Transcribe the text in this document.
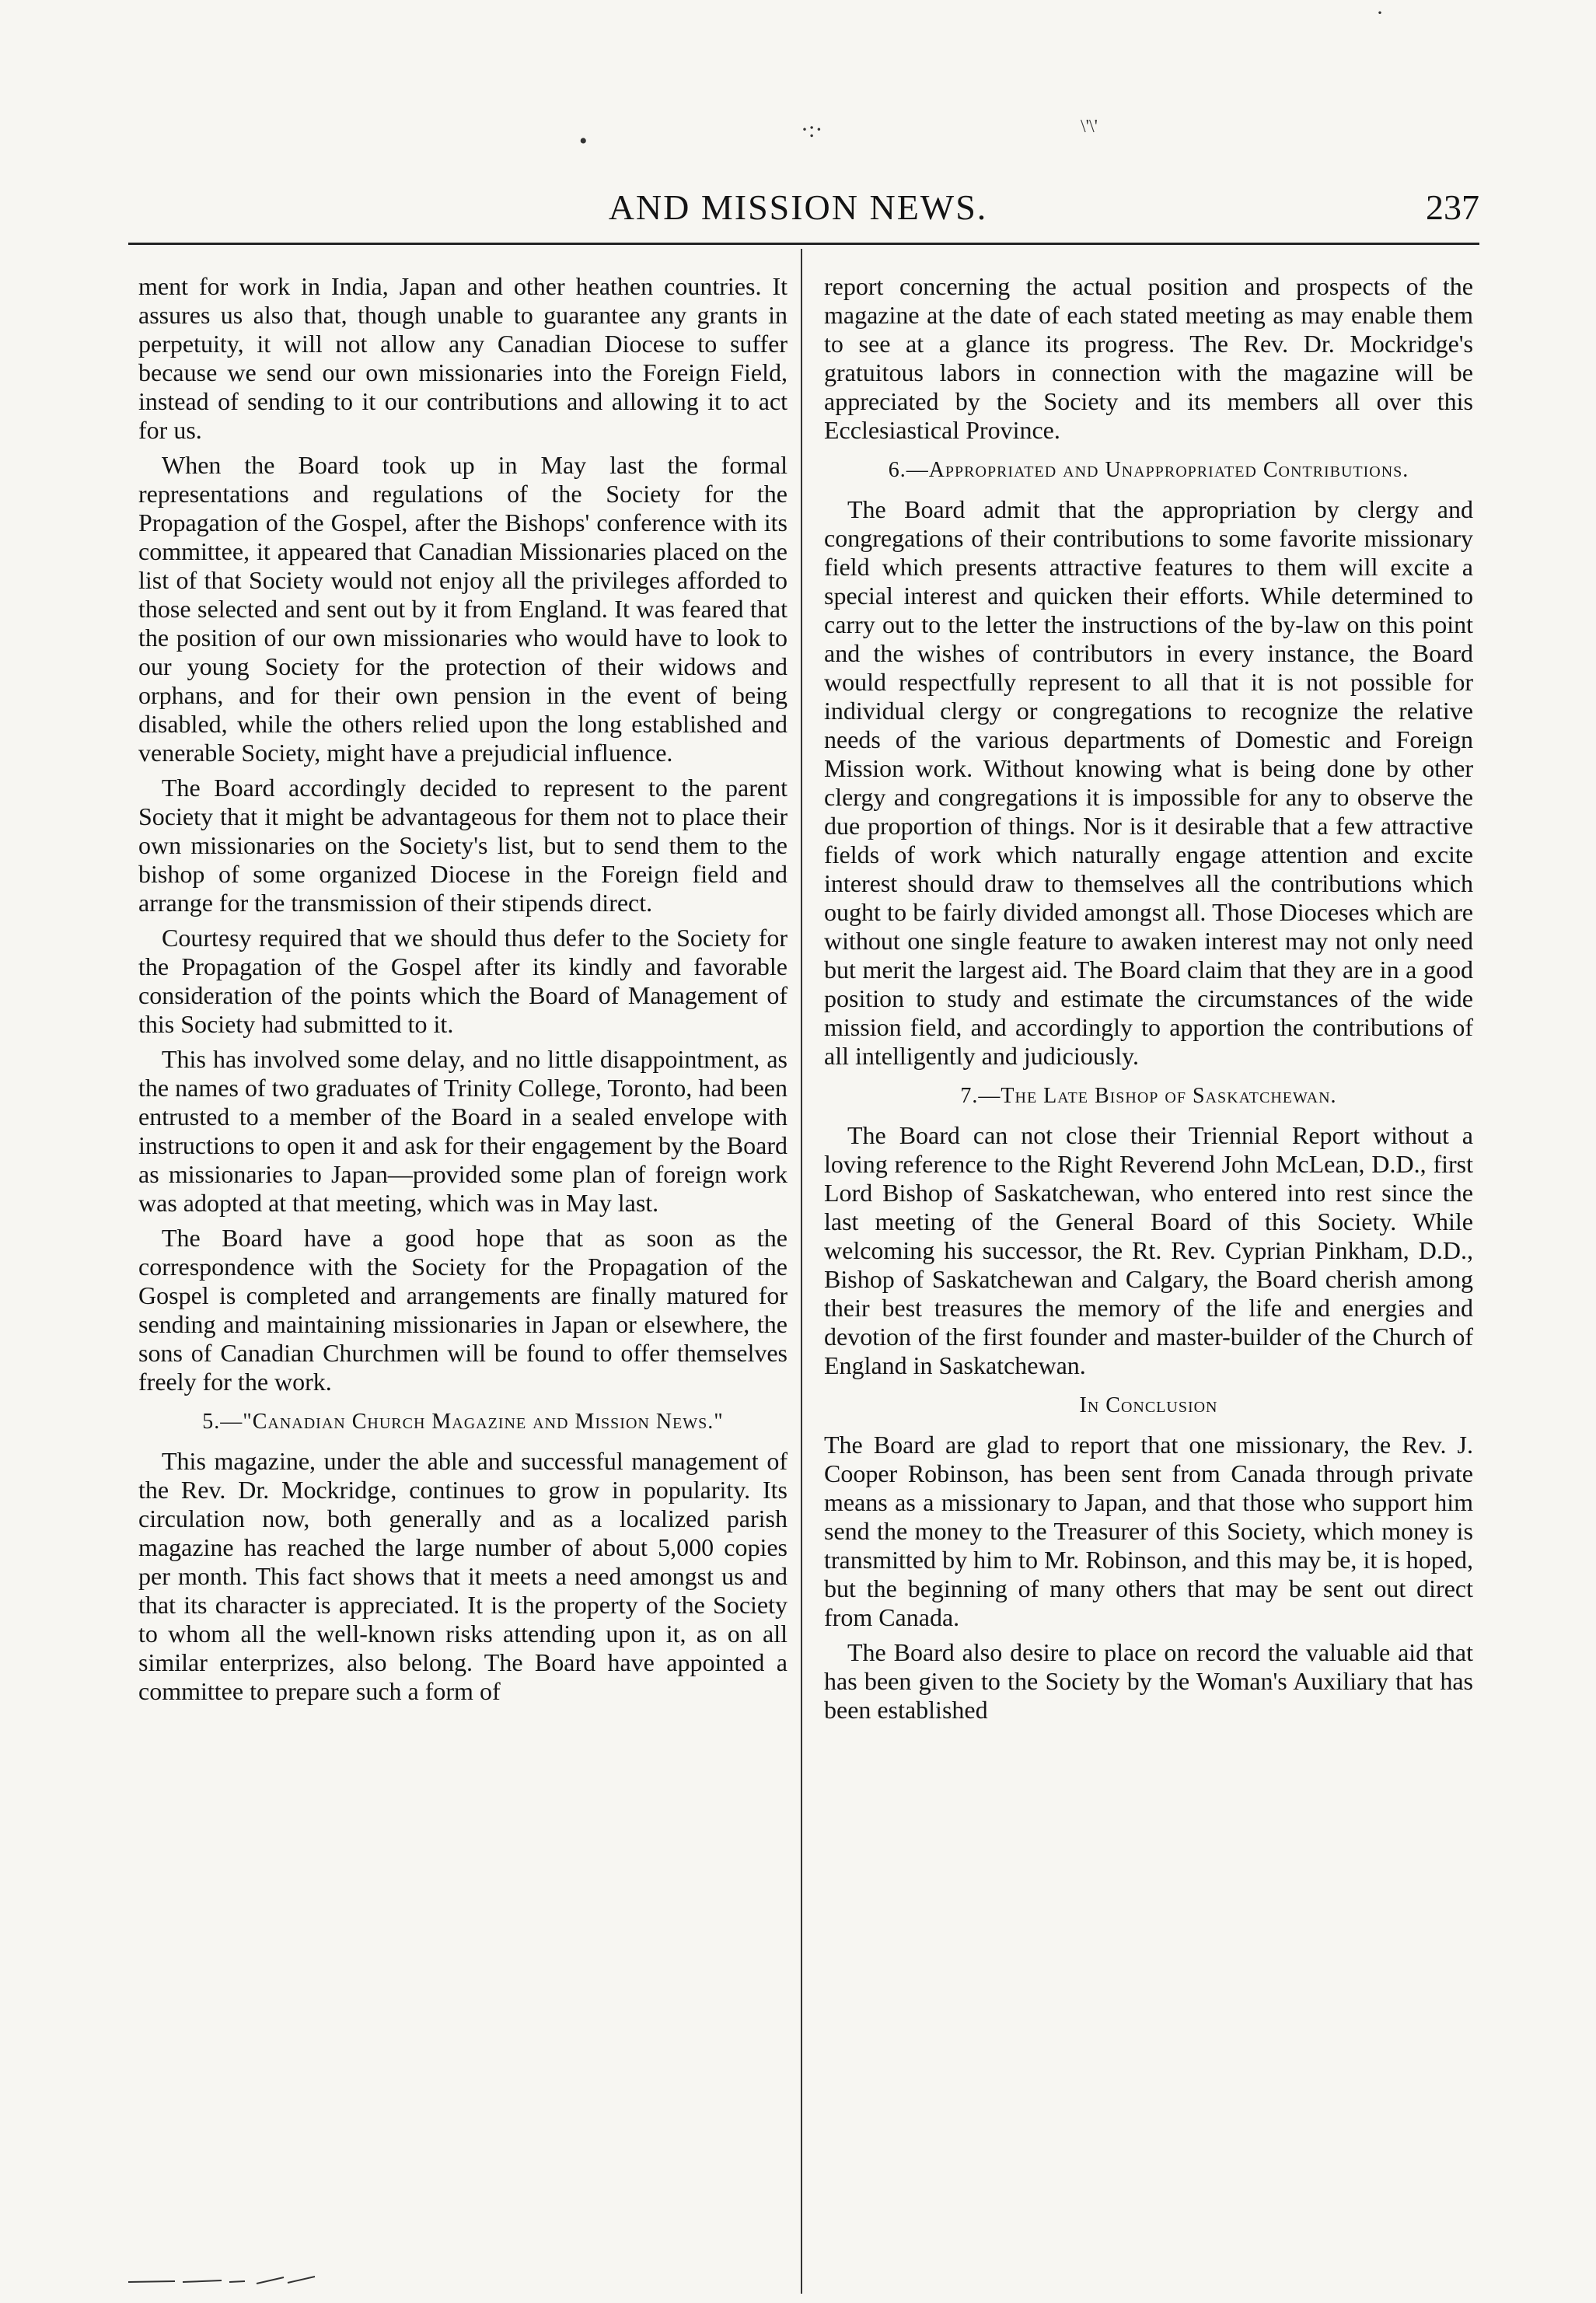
·
•	·:·	\'\'
AND MISSION NEWS.	237

ment for work in India, Japan and other heathen countries. It assures us also that, though unable to guarantee any grants in perpetuity, it will not allow any Canadian Diocese to suffer because we send our own missionaries into the Foreign Field, instead of sending to it our contributions and allowing it to act for us.

When the Board took up in May last the formal representations and regulations of the Society for the Propagation of the Gospel, after the Bishops' conference with its committee, it appeared that Canadian Missionaries placed on the list of that Society would not enjoy all the privileges afforded to those selected and sent out by it from England. It was feared that the position of our own missionaries who would have to look to our young Society for the protection of their widows and orphans, and for their own pension in the event of being disabled, while the others relied upon the long established and venerable Society, might have a prejudicial influence.

The Board accordingly decided to represent to the parent Society that it might be advantageous for them not to place their own missionaries on the Society's list, but to send them to the bishop of some organized Diocese in the Foreign field and arrange for the transmission of their stipends direct.

Courtesy required that we should thus defer to the Society for the Propagation of the Gospel after its kindly and favorable consideration of the points which the Board of Management of this Society had submitted to it.

This has involved some delay, and no little disappointment, as the names of two graduates of Trinity College, Toronto, had been entrusted to a member of the Board in a sealed envelope with instructions to open it and ask for their engagement by the Board as missionaries to Japan—provided some plan of foreign work was adopted at that meeting, which was in May last.

The Board have a good hope that as soon as the correspondence with the Society for the Propagation of the Gospel is completed and arrangements are finally matured for sending and maintaining missionaries in Japan or elsewhere, the sons of Canadian Churchmen will be found to offer themselves freely for the work.

5.—"Canadian Church Magazine and Mission News."

This magazine, under the able and successful management of the Rev. Dr. Mockridge, continues to grow in popularity. Its circulation now, both generally and as a localized parish magazine has reached the large number of about 5,000 copies per month. This fact shows that it meets a need amongst us and that its character is appreciated. It is the property of the Society to whom all the well-known risks attending upon it, as on all similar enterprizes, also belong. The Board have appointed a committee to prepare such a form of

report concerning the actual position and prospects of the magazine at the date of each stated meeting as may enable them to see at a glance its progress. The Rev. Dr. Mockridge's gratuitous labors in connection with the magazine will be appreciated by the Society and its members all over this Ecclesiastical Province.

6.—Appropriated and Unappropriated Contributions.

The Board admit that the appropriation by clergy and congregations of their contributions to some favorite missionary field which presents attractive features to them will excite a special interest and quicken their efforts. While determined to carry out to the letter the instructions of the by-law on this point and the wishes of contributors in every instance, the Board would respectfully represent to all that it is not possible for individual clergy or congregations to recognize the relative needs of the various departments of Domestic and Foreign Mission work. Without knowing what is being done by other clergy and congregations it is impossible for any to observe the due proportion of things. Nor is it desirable that a few attractive fields of work which naturally engage attention and excite interest should draw to themselves all the contributions which ought to be fairly divided amongst all. Those Dioceses which are without one single feature to awaken interest may not only need but merit the largest aid. The Board claim that they are in a good position to study and estimate the circumstances of the wide mission field, and accordingly to apportion the contributions of all intelligently and judiciously.

7.—The Late Bishop of Saskatchewan.

The Board can not close their Triennial Report without a loving reference to the Right Reverend John McLean, D.D., first Lord Bishop of Saskatchewan, who entered into rest since the last meeting of the General Board of this Society. While welcoming his successor, the Rt. Rev. Cyprian Pinkham, D.D., Bishop of Saskatchewan and Calgary, the Board cherish among their best treasures the memory of the life and energies and devotion of the first founder and master-builder of the Church of England in Saskatchewan.

In Conclusion

The Board are glad to report that one missionary, the Rev. J. Cooper Robinson, has been sent from Canada through private means as a missionary to Japan, and that those who support him send the money to the Treasurer of this Society, which money is transmitted by him to Mr. Robinson, and this may be, it is hoped, but the beginning of many others that may be sent out direct from Canada.

The Board also desire to place on record the valuable aid that has been given to the Society by the Woman's Auxiliary that has been established
